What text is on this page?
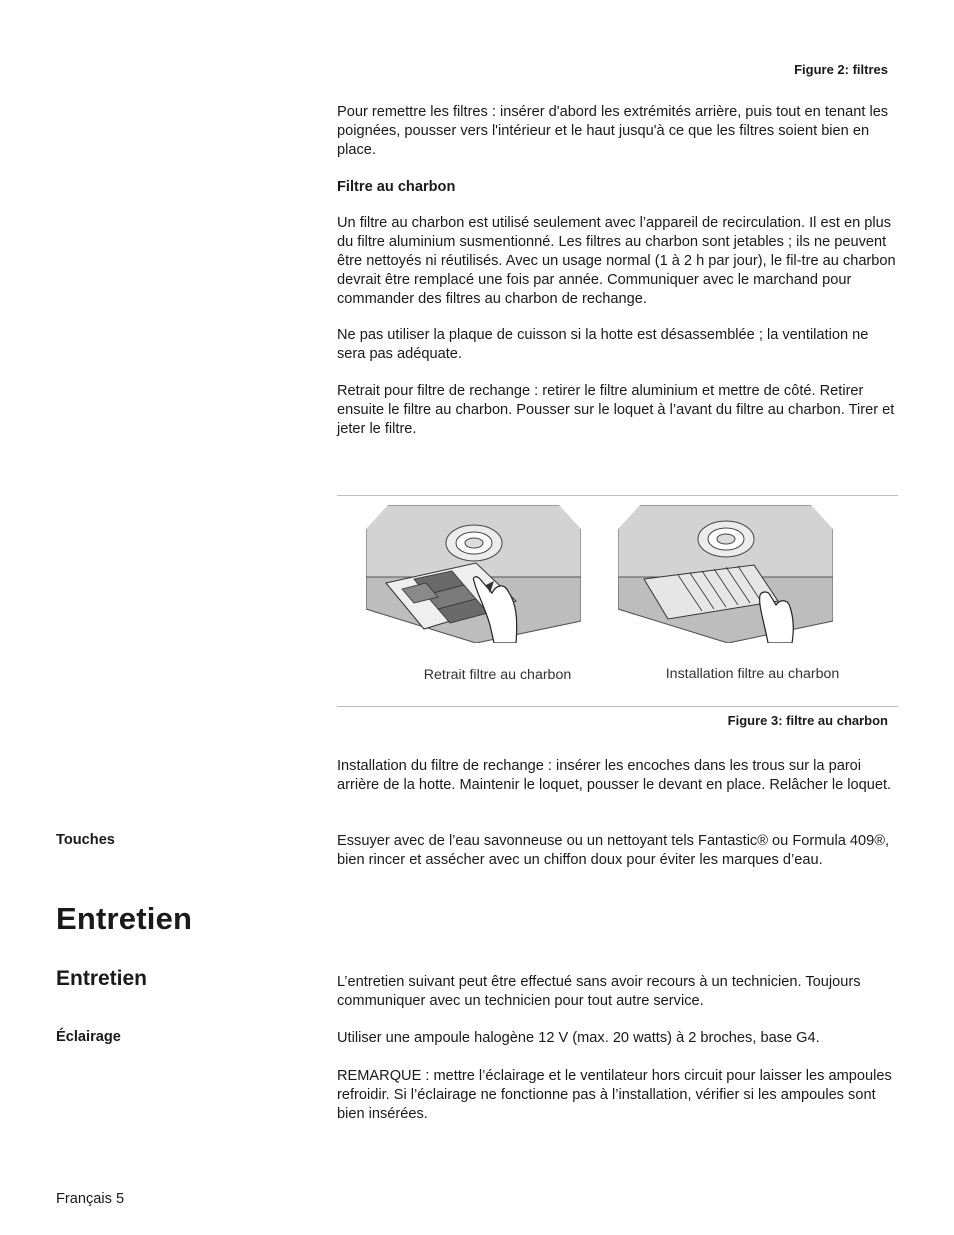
Figure 2: filtres
Pour remettre les filtres : insérer d'abord les extrémités arrière, puis tout en tenant les poignées, pousser vers l'intérieur et le haut jusqu'à ce que les filtres soient bien en place.
Filtre au charbon
Un filtre au charbon est utilisé seulement avec l’appareil de recirculation. Il est en plus du filtre aluminium susmentionné. Les filtres au charbon sont jetables ; ils ne peuvent être nettoyés ni réutilisés. Avec un usage normal (1 à 2 h par jour), le fil-tre au charbon devrait être remplacé une fois par année. Communiquer avec le marchand pour commander des filtres au charbon de rechange.
Ne pas utiliser la plaque de cuisson si la hotte est désassemblée ; la ventilation ne sera pas adéquate.
Retrait pour filtre de rechange : retirer le filtre aluminium et mettre de côté. Retirer ensuite le filtre au charbon. Pousser sur le loquet à l’avant du filtre au charbon. Tirer et jeter le filtre.
Retrait filtre au charbon	Installation filtre au charbon
Figure 3: filtre au charbon
Installation du filtre de rechange : insérer les encoches dans les trous sur la paroi arrière de la hotte. Maintenir le loquet, pousser le devant en place. Relâcher le loquet.
Touches	Essuyer avec de l’eau savonneuse ou un nettoyant tels Fantastic® ou Formula 409®, bien rincer et assécher avec un chiffon doux pour éviter les marques d’eau.
Entretien
Entretien	L’entretien suivant peut être effectué sans avoir recours à un technicien. Toujours communiquer avec un technicien pour tout autre service.
Éclairage	Utiliser une ampoule halogène 12 V (max. 20 watts) à 2 broches, base G4.
REMARQUE : mettre l’éclairage et le ventilateur hors circuit pour laisser les ampoules refroidir. Si l’éclairage ne fonctionne pas à l’installation, vérifier si les ampoules sont bien insérées.
Français 5
